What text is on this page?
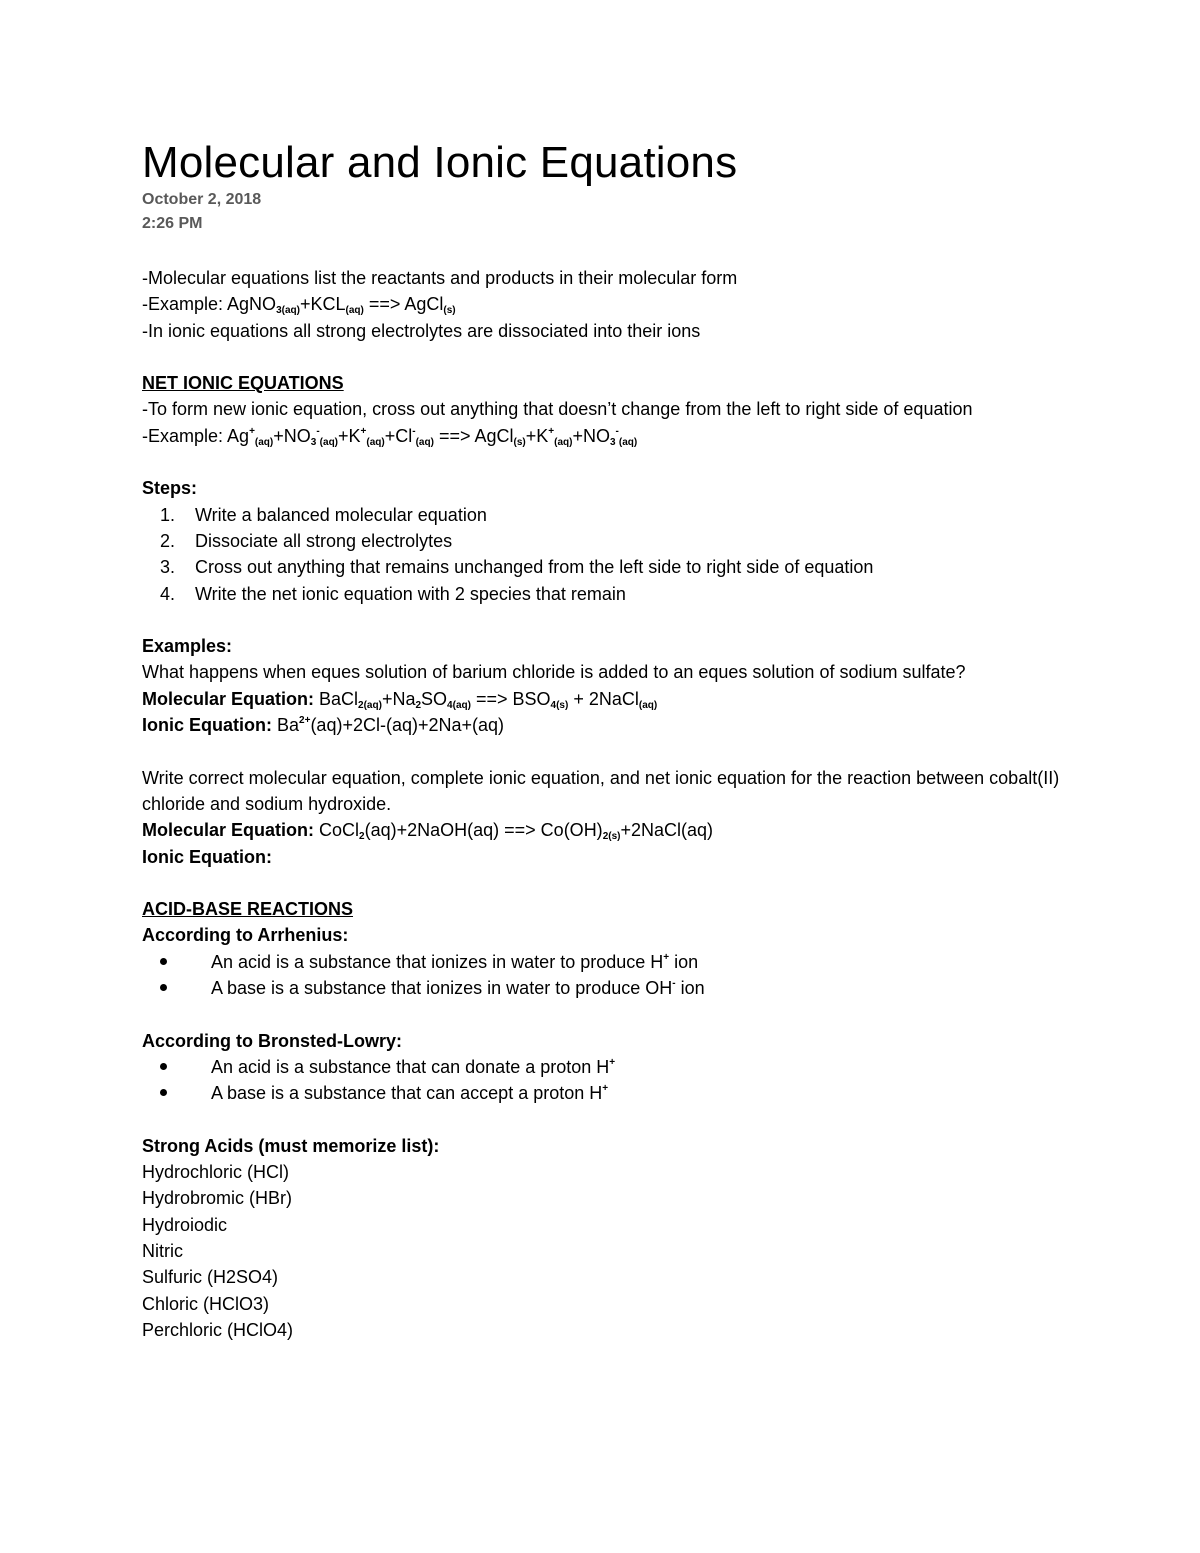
Molecular and Ionic Equations
October 2, 2018
2:26 PM
-Molecular equations list the reactants and products in their molecular form
-Example: $AgNO_{3(aq)}+KCL_{(aq)}$ ==> AgCl$_{(s)}$
-In ionic equations all strong electrolytes are dissociated into their ions
NET IONIC EQUATIONS
-To form new ionic equation, cross out anything that doesn’t change from the left to right side of equation
-Example: $Ag^+_{(aq)}+NO_3^-_{(aq)}+K^+_{(aq)}+Cl^-_{(aq)}$ ==> $AgCl_{(s)}+K^+_{(aq)}+NO_3^-_{(aq)}$
Steps:
1. Write a balanced molecular equation
2. Dissociate all strong electrolytes
3. Cross out anything that remains unchanged from the left side to right side of equation
4. Write the net ionic equation with 2 species that remain
Examples:
What happens when eques solution of barium chloride is added to an eques solution of sodium sulfate?
Molecular Equation: $BaCl_{2(aq)}+Na_2SO_{4(aq)}$ ==> $BSO_{4(s)}$ + 2NaCl$_{(aq)}$
Ionic Equation: $Ba^{2+}(aq)+2Cl-(aq)+2Na+(aq)$
Write correct molecular equation, complete ionic equation, and net ionic equation for the reaction between cobalt(II) chloride and sodium hydroxide.
Molecular Equation: CoCl$_2$(aq)+2NaOH(aq) ==> $Co(OH)_{2(s)}+2NaCl(aq)$
Ionic Equation:
ACID-BASE REACTIONS
According to Arrhenius:
An acid is a substance that ionizes in water to produce H+ ion
A base is a substance that ionizes in water to produce OH- ion
According to Bronsted-Lowry:
An acid is a substance that can donate a proton H+
A base is a substance that can accept a proton H+
Strong Acids (must memorize list):
Hydrochloric (HCl)
Hydrobromic (HBr)
Hydroiodic
Nitric
Sulfuric (H2SO4)
Chloric (HClO3)
Perchloric (HClO4)
